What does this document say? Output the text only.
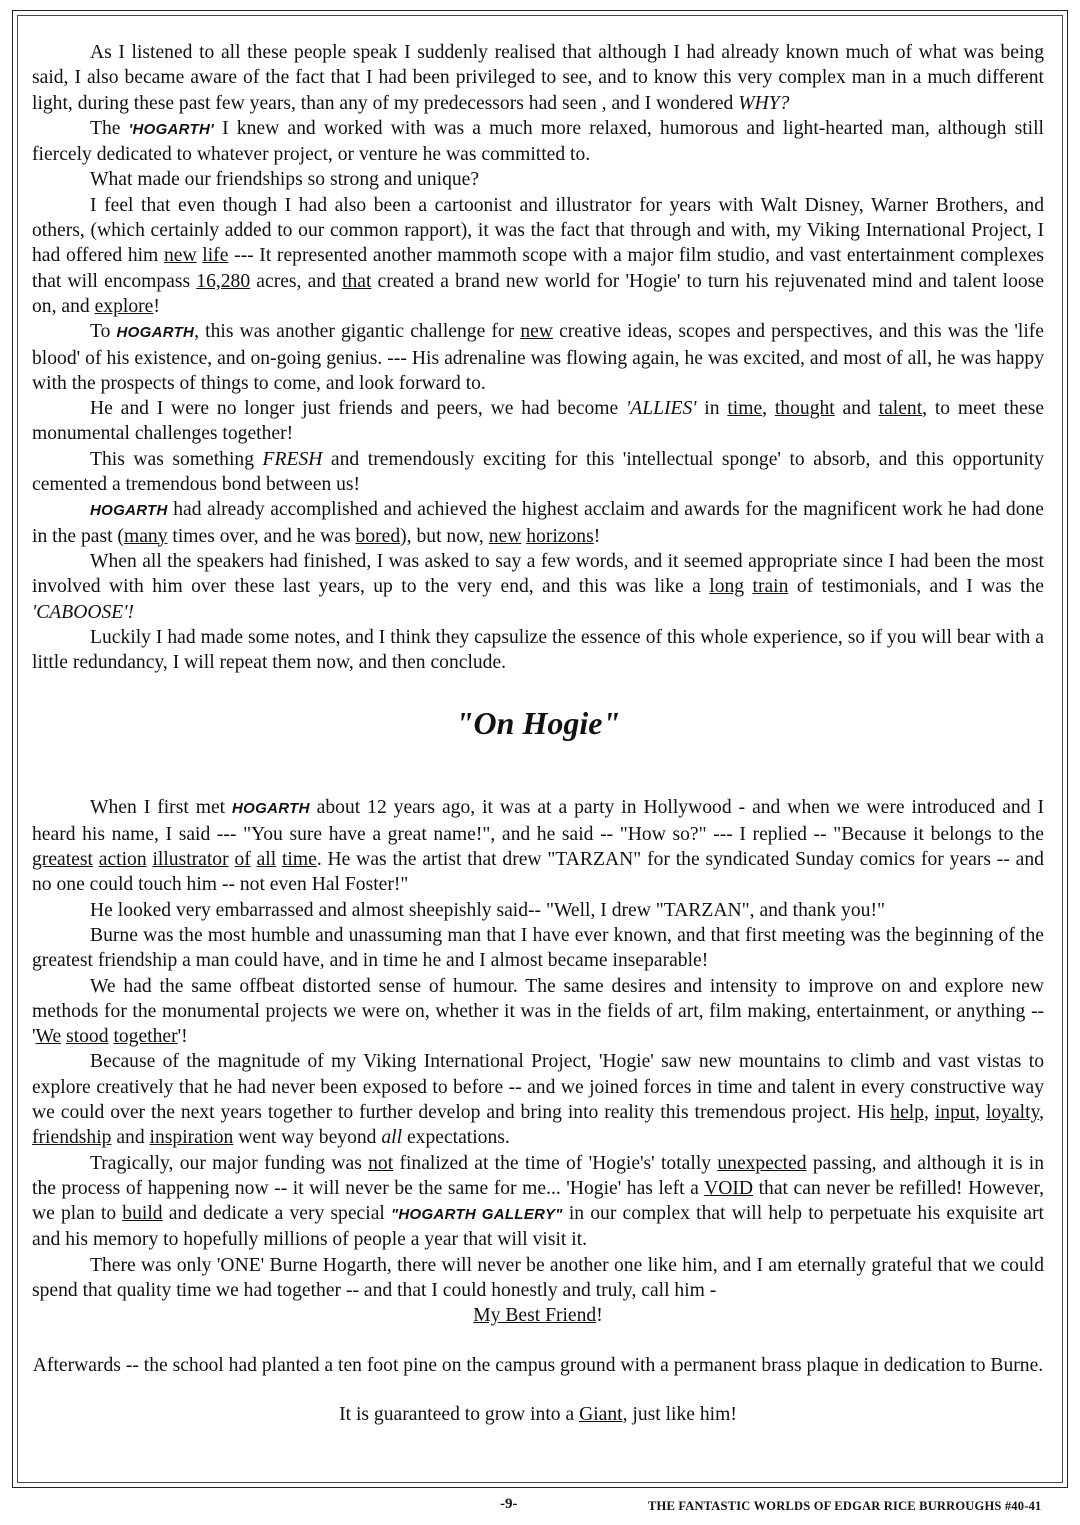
As I listened to all these people speak I suddenly realised that although I had already known much of what was being said, I also became aware of the fact that I had been privileged to see, and to know this very complex man in a much different light, during these past few years, than any of my predecessors had seen , and I wondered WHY?

The 'HOGARTH' I knew and worked with was a much more relaxed, humorous and light-hearted man, although still fiercely dedicated to whatever project, or venture he was committed to.

What made our friendships so strong and unique?

I feel that even though I had also been a cartoonist and illustrator for years with Walt Disney, Warner Brothers, and others, (which certainly added to our common rapport), it was the fact that through and with, my Viking International Project, I had offered him new life --- It represented another mammoth scope with a major film studio, and vast entertainment complexes that will encompass 16,280 acres, and that created a brand new world for 'Hogie' to turn his rejuvenated mind and talent loose on, and explore!

To HOGARTH, this was another gigantic challenge for new creative ideas, scopes and perspectives, and this was the 'life blood' of his existence, and on-going genius. --- His adrenaline was flowing again, he was excited, and most of all, he was happy with the prospects of things to come, and look forward to.

He and I were no longer just friends and peers, we had become 'ALLIES' in time, thought and talent, to meet these monumental challenges together!

This was something FRESH and tremendously exciting for this 'intellectual sponge' to absorb, and this opportunity cemented a tremendous bond between us!

HOGARTH had already accomplished and achieved the highest acclaim and awards for the magnificent work he had done in the past (many times over, and he was bored), but now, new horizons!

When all the speakers had finished, I was asked to say a few words, and it seemed appropriate since I had been the most involved with him over these last years, up to the very end, and this was like a long train of testimonials, and I was the 'CABOOSE'!

Luckily I had made some notes, and I think they capsulize the essence of this whole experience, so if you will bear with a little redundancy, I will repeat them now, and then conclude.

"On Hogie"

When I first met HOGARTH about 12 years ago, it was at a party in Hollywood - and when we were introduced and I heard his name, I said --- "You sure have a great name!", and he said -- "How so?" --- I replied -- "Because it belongs to the greatest action illustrator of all time. He was the artist that drew "TARZAN" for the syndicated Sunday comics for years -- and no one could touch him -- not even Hal Foster!"

He looked very embarrassed and almost sheepishly said-- "Well, I drew "TARZAN", and thank you!"

Burne was the most humble and unassuming man that I have ever known, and that first meeting was the beginning of the greatest friendship a man could have, and in time he and I almost became inseparable!

We had the same offbeat distorted sense of humour. The same desires and intensity to improve on and explore new methods for the monumental projects we were on, whether it was in the fields of art, film making, entertainment, or anything -- 'We stood together'!

Because of the magnitude of my Viking International Project, 'Hogie' saw new mountains to climb and vast vistas to explore creatively that he had never been exposed to before -- and we joined forces in time and talent in every constructive way we could over the next years together to further develop and bring into reality this tremendous project. His help, input, loyalty, friendship and inspiration went way beyond all expectations.

Tragically, our major funding was not finalized at the time of 'Hogie's' totally unexpected passing, and although it is in the process of happening now -- it will never be the same for me... 'Hogie' has left a VOID that can never be refilled! However, we plan to build and dedicate a very special "HOGARTH GALLERY" in our complex that will help to perpetuate his exquisite art and his memory to hopefully millions of people a year that will visit it.

There was only 'ONE' Burne Hogarth, there will never be another one like him, and I am eternally grateful that we could spend that quality time we had together -- and that I could honestly and truly, call him -

My Best Friend!

Afterwards -- the school had planted a ten foot pine on the campus ground with a permanent brass plaque in dedication to Burne.

It is guaranteed to grow into a Giant, just like him!

-9-	THE FANTASTIC WORLDS OF EDGAR RICE BURROUGHS #40-41
